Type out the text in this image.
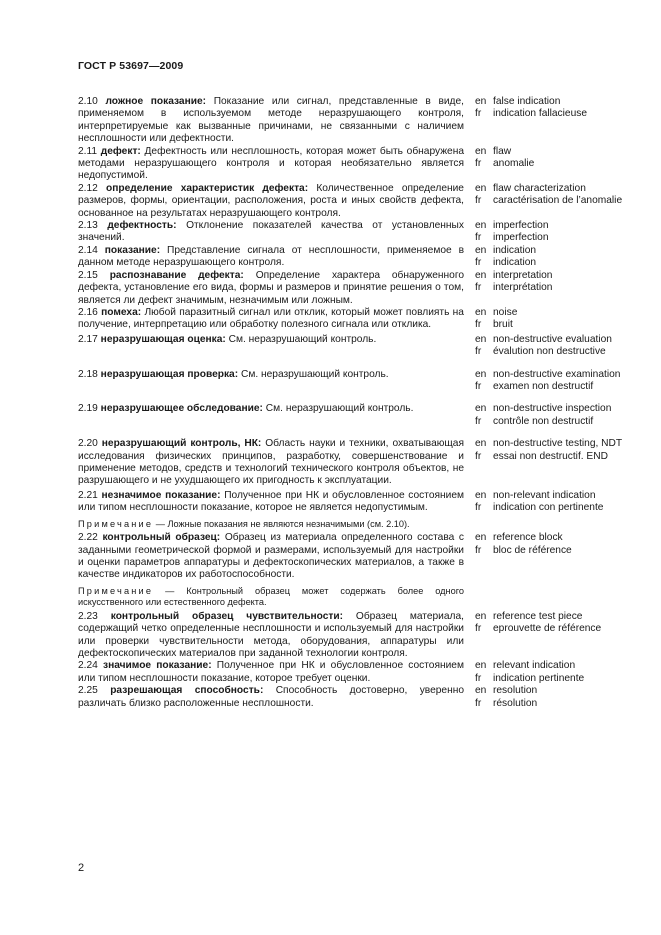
ГОСТ Р 53697—2009
2.10 ложное показание: Показание или сигнал, представленные в виде, применяемом в используемом методе неразрушающего контроля, интерпретируемые как вызванные причинами, не связанными с наличием несплошности или дефектности.
en false indication
fr	indication fallacieuse
2.11 дефект: Дефектность или несплошность, которая может быть обнаружена методами неразрушающего контроля и которая необязательно является недопустимой.
en flaw
fr	anomalie
2.12 определение характеристик дефекта: Количественное определение размеров, формы, ориентации, расположения, роста и иных свойств дефекта, основанное на результатах неразрушающего контроля.
en flaw characterization
fr	caractérisation de l’anomalie
2.13 дефектность: Отклонение показателей качества от установленных значений.
en imperfection
fr	imperfection
2.14 показание: Представление сигнала от несплошности, применяемое в данном методе неразрушающего контроля.
en indication
fr	indication
2.15 распознавание дефекта: Определение характера обнаруженного дефекта, установление его вида, формы и размеров и принятие решения о том, является ли дефект значимым, незначимым или ложным.
en interpretation
fr	interprétation
2.16 помеха: Любой паразитный сигнал или отклик, который может повлиять на получение, интерпретацию или обработку полезного сигнала или отклика.
en noise
fr	bruit
2.17 неразрушающая оценка: См. неразрушающий контроль.	en non-destructive evaluation
fr	évalution non destructive
2.18 неразрушающая проверка: См. неразрушающий контроль.	en non-destructive examination
fr	examen non destructif
2.19 неразрушающее обследование: См. неразрушающий контроль.	en non-destructive inspection
fr	contrôle non destructif
2.20 неразрушающий контроль, НК: Область науки и техники, охватывающая исследования физических принципов, разработку, совершенствование и применение методов, средств и технологий технического контроля объектов, не разрушающего и не ухудшающего их пригодность к эксплуатации.
en non-destructive testing, NDT
fr	essai non destructif. END
2.21 незначимое показание: Полученное при НК и обусловленное состоянием или типом несплошности показание, которое не является недопустимым.
en non-relevant indication
fr	indication con pertinente
Примечание — Ложные показания не являются незначимыми (см. 2.10).
2.22 контрольный образец: Образец из материала определенного состава с заданными геометрической формой и размерами, используемый для настройки и оценки параметров аппаратуры и дефектоскопических материалов, а также в качестве индикаторов их работоспособности.
en reference block
fr	bloc de référence
Примечание — Контрольный образец может содержать более одного искусственного или естественного дефекта.
2.23 контрольный образец чувствительности: Образец материала, содержащий четко определенные несплошности и используемый для настройки или проверки чувствительности метода, оборудования, аппаратуры или дефектоскопических материалов при заданной технологии контроля.
en reference test piece
fr	eprouvette de référence
2.24 значимое показание: Полученное при НК и обусловленное состоянием или типом несплошности показание, которое требует оценки.
en relevant indication
fr	indication pertinente
2.25 разрешающая способность: Способность достоверно, уверенно различать близко расположенные несплошности.
en resolution
fr	résolution
2
